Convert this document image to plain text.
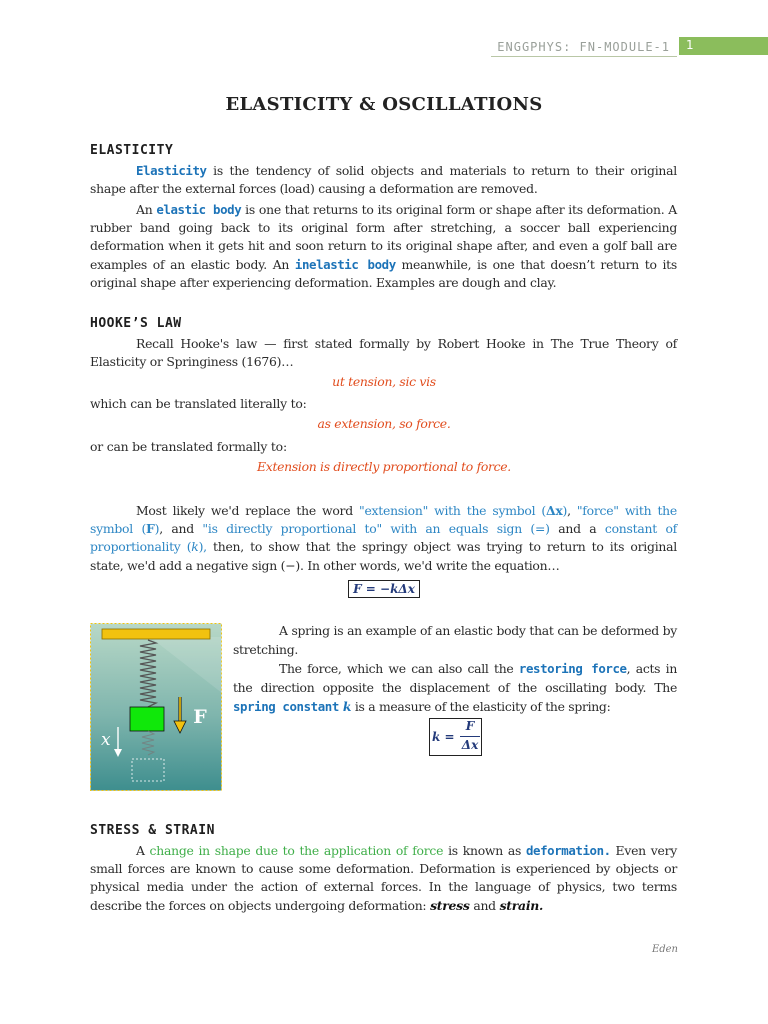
ENGGPHYS: FN-MODULE-1 1
ELASTICITY & OSCILLATIONS
ELASTICITY
Elasticity is the tendency of solid objects and materials to return to their original shape after the external forces (load) causing a deformation are removed.
An elastic body is one that returns to its original form or shape after its deformation. A rubber band going back to its original form after stretching, a soccer ball experiencing deformation when it gets hit and soon return to its original shape after, and even a golf ball are examples of an elastic body. An inelastic body meanwhile, is one that doesn’t return to its original shape after experiencing deformation. Examples are dough and clay.
HOOKE’S LAW
Recall Hooke's law — first stated formally by Robert Hooke in The True Theory of Elasticity or Springiness (1676)…
ut tension, sic vis
which can be translated literally to:
as extension, so force.
or can be translated formally to:
Extension is directly proportional to force.
Most likely we'd replace the word "extension" with the symbol (Δx), "force" with the symbol (F), and "is directly proportional to" with an equals sign (=) and a constant of proportionality (k), then, to show that the springy object was trying to return to its original state, we'd add a negative sign (−). In other words, we'd write the equation…
F = −kΔx
F
x
A spring is an example of an elastic body that can be deformed by stretching.
The force, which we can also call the restoring force, acts in the direction opposite the displacement of the oscillating body. The spring constant k is a measure of the elasticity of the spring:
k =
F
Δx
STRESS & STRAIN
A change in shape due to the application of force is known as deformation. Even very small forces are known to cause some deformation. Deformation is experienced by objects or physical media under the action of external forces. In the language of physics, two terms describe the forces on objects undergoing deformation: stress and strain.
Eden
